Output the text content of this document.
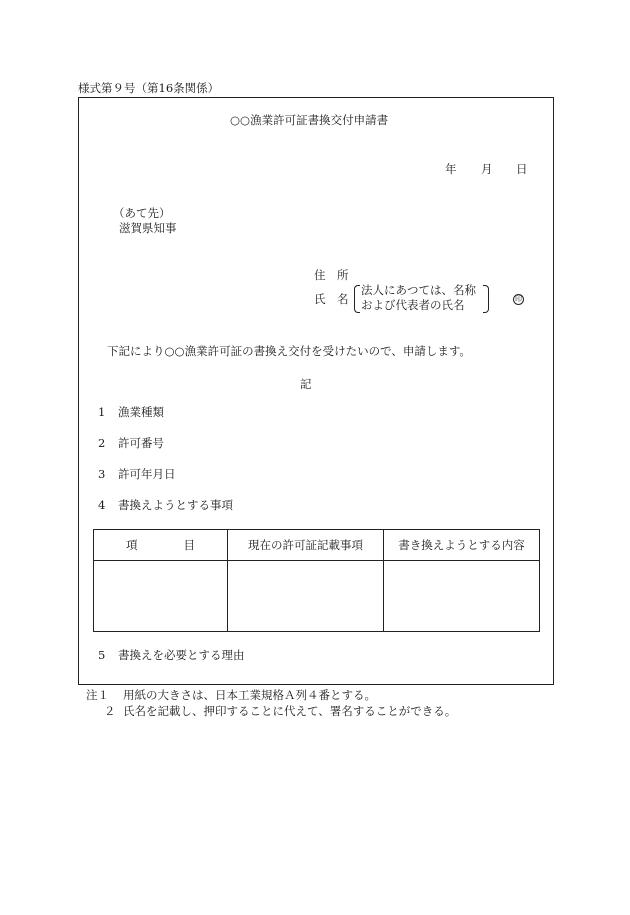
様式第９号（第16条関係）
○○漁業許可証書換交付申請書
年 月 日
（あて先）
滋賀県知事
住　所
氏　名
法人にあつては、名称
および代表者の氏名	印
下記により○○漁業許可証の書換え交付を受けたいので、申請します。
記
1 漁業種類
2 許可番号
3 許可年月日
4 書換えようとする事項
項　　　　目	現在の許可証記載事項	書き換えようとする内容

5 書換えを必要とする理由
注１ 用紙の大きさは、日本工業規格Ａ列４番とする。
２ 氏名を記載し、押印することに代えて、署名することができる。
